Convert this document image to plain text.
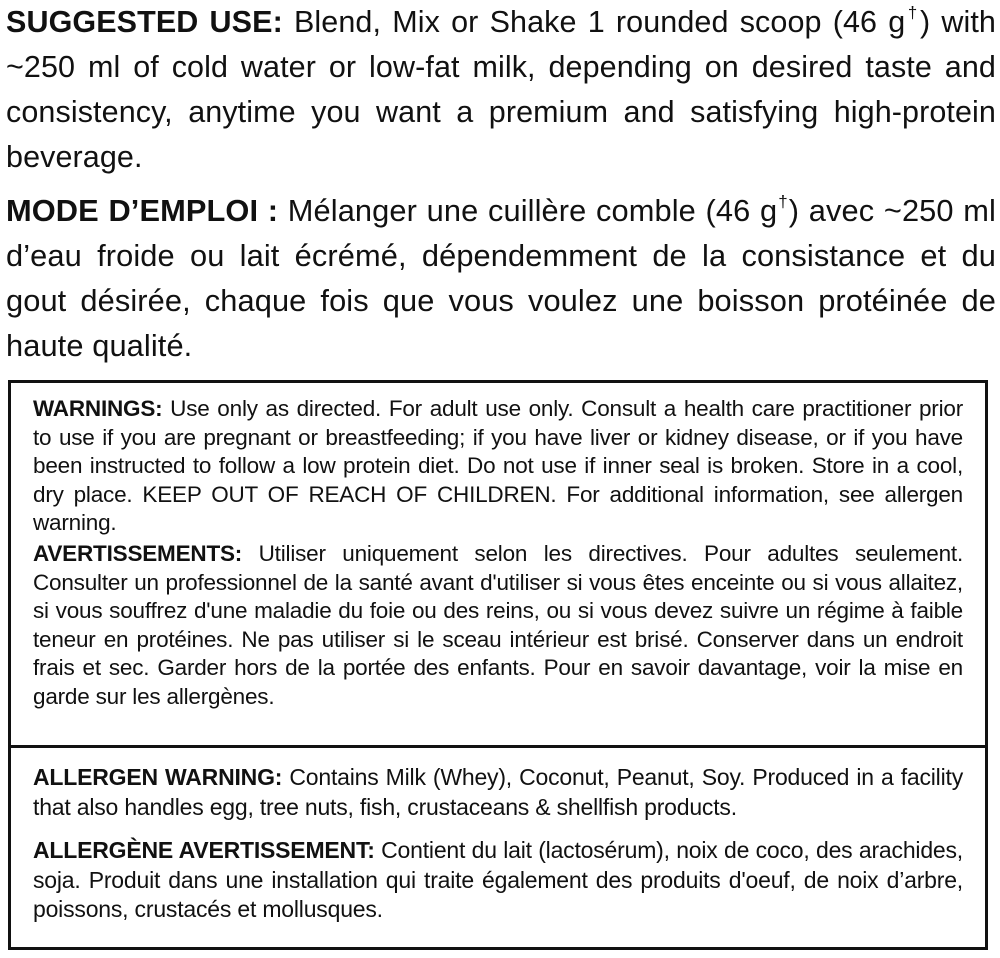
SUGGESTED USE: Blend, Mix or Shake 1 rounded scoop (46 g†) with ~250 ml of cold water or low-fat milk, depending on desired taste and consistency, anytime you want a premium and satisfying high-protein beverage.

MODE D’EMPLOI : Mélanger une cuillère comble (46 g†) avec ~250 ml d’eau froide ou lait écrémé, dépendemment de la consistance et du gout désirée, chaque fois que vous voulez une boisson protéinée de haute qualité.

WARNINGS: Use only as directed. For adult use only. Consult a health care practitioner prior to use if you are pregnant or breastfeeding; if you have liver or kidney disease, or if you have been instructed to follow a low protein diet. Do not use if inner seal is broken. Store in a cool, dry place. KEEP OUT OF REACH OF CHILDREN. For additional information, see allergen warning.

AVERTISSEMENTS: Utiliser uniquement selon les directives. Pour adultes seulement. Consulter un professionnel de la santé avant d'utiliser si vous êtes enceinte ou si vous allaitez, si vous souffrez d'une maladie du foie ou des reins, ou si vous devez suivre un régime à faible teneur en protéines. Ne pas utiliser si le sceau intérieur est brisé. Conserver dans un endroit frais et sec. Garder hors de la portée des enfants. Pour en savoir davantage, voir la mise en garde sur les allergènes.

ALLERGEN WARNING: Contains Milk (Whey), Coconut, Peanut, Soy. Produced in a facility that also handles egg, tree nuts, fish, crustaceans & shellfish products.

ALLERGÈNE AVERTISSEMENT: Contient du lait (lactosérum), noix de coco, des arachides, soja. Produit dans une installation qui traite également des produits d'oeuf, de noix d’arbre, poissons, crustacés et mollusques.
